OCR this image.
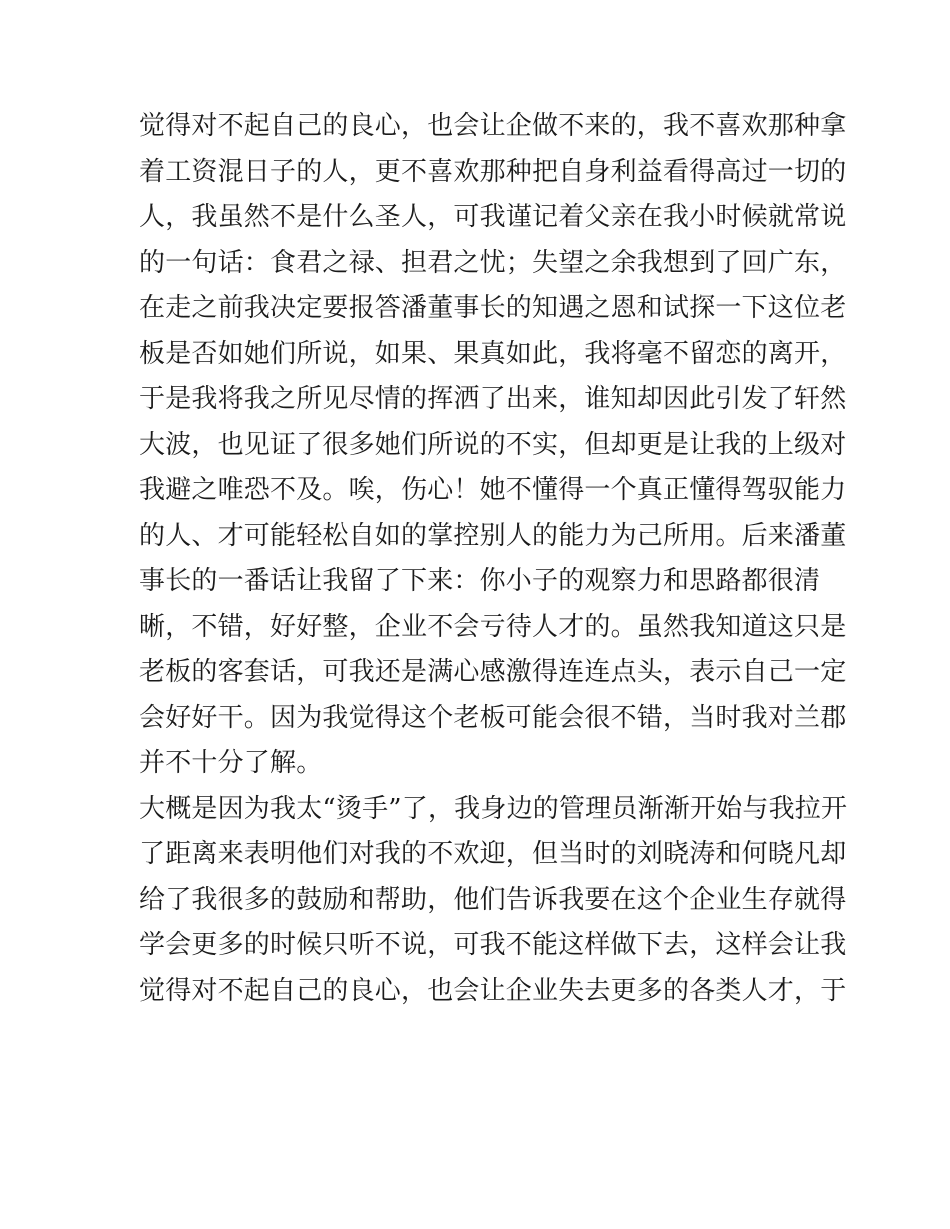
觉得对不起自己的良心，也会让企做不来的，我不喜欢那种拿
着工资混日子的人，更不喜欢那种把自身利益看得高过一切的
人，我虽然不是什么圣人，可我谨记着父亲在我小时候就常说
的一句话：食君之禄、担君之忧；失望之余我想到了回广东，
在走之前我决定要报答潘董事长的知遇之恩和试探一下这位老
板是否如她们所说，如果、果真如此，我将毫不留恋的离开，
于是我将我之所见尽情的挥洒了出来，谁知却因此引发了轩然
大波，也见证了很多她们所说的不实，但却更是让我的上级对
我避之唯恐不及。唉，伤心！她不懂得一个真正懂得驾驭能力
的人、才可能轻松自如的掌控别人的能力为己所用。后来潘董
事长的一番话让我留了下来：你小子的观察力和思路都很清
晰，不错，好好整，企业不会亏待人才的。虽然我知道这只是
老板的客套话，可我还是满心感激得连连点头，表示自己一定
会好好干。因为我觉得这个老板可能会很不错，当时我对兰郡
并不十分了解。
大概是因为我太“烫手”了，我身边的管理员渐渐开始与我拉开
了距离来表明他们对我的不欢迎，但当时的刘晓涛和何晓凡却
给了我很多的鼓励和帮助，他们告诉我要在这个企业生存就得
学会更多的时候只听不说，可我不能这样做下去，这样会让我
觉得对不起自己的良心，也会让企业失去更多的各类人才，于
